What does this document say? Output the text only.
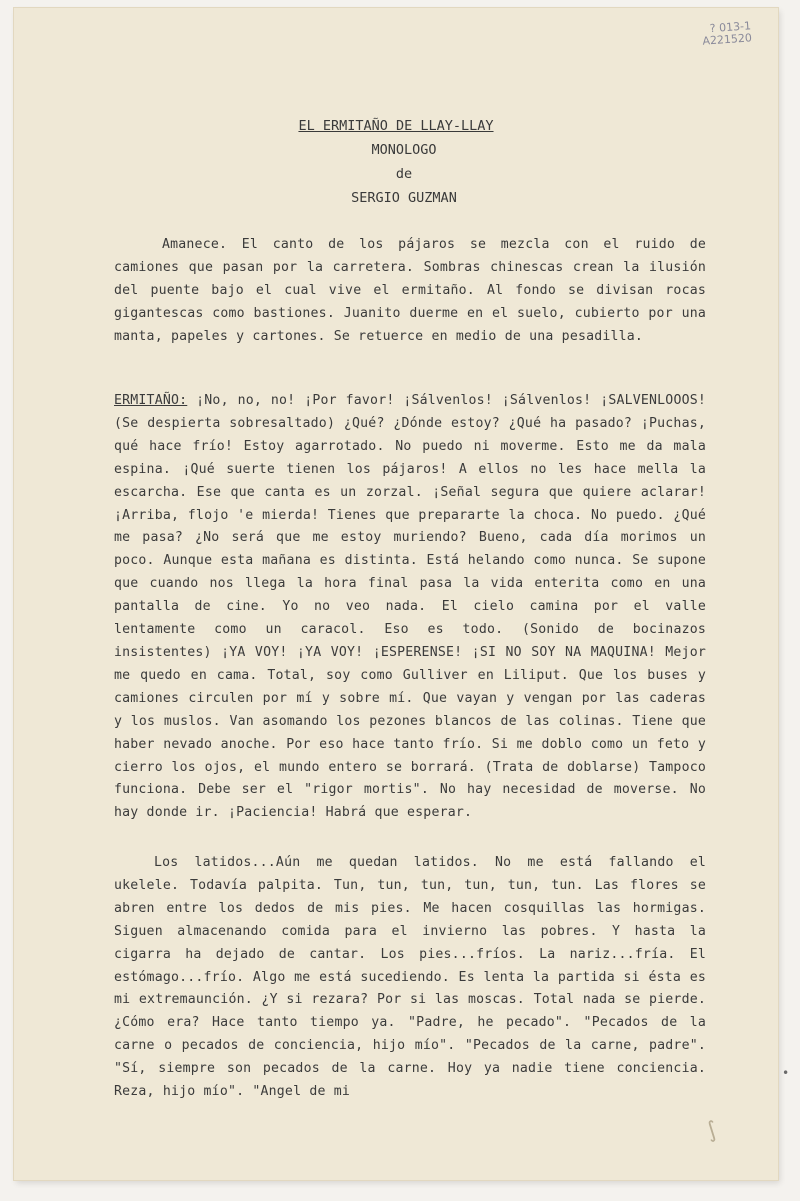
? 013-1
A221520
EL ERMITAÑO DE LLAY-LLAY
MONOLOGO
de
SERGIO GUZMAN
Amanece. El canto de los pájaros se mezcla con el ruido de camiones que pasan por la carretera. Sombras chinescas crean la ilusión del puente bajo el cual vive el ermitaño. Al fondo se divisan rocas gigantescas como bastiones. Juanito duerme en el suelo, cubierto por una manta, papeles y cartones. Se retuerce en medio de una pesadilla.
ERMITAÑO: ¡No, no, no! ¡Por favor! ¡Sálvenlos! ¡Sálvenlos! ¡SALVENLOOOS! (Se despierta sobresaltado) ¿Qué? ¿Dónde estoy? ¿Qué ha pasado? ¡Puchas, qué hace frío! Estoy agarrotado. No puedo ni moverme. Esto me da mala espina. ¡Qué suerte tienen los pájaros! A ellos no les hace mella la escarcha. Ese que canta es un zorzal. ¡Señal segura que quiere aclarar! ¡Arriba, flojo 'e mierda! Tienes que prepararte la choca. No puedo. ¿Qué me pasa? ¿No será que me estoy muriendo? Bueno, cada día morimos un poco. Aunque esta mañana es distinta. Está helando como nunca. Se supone que cuando nos llega la hora final pasa la vida enterita como en una pantalla de cine. Yo no veo nada. El cielo camina por el valle lentamente como un caracol. Eso es todo. (Sonido de bocinazos insistentes) ¡YA VOY! ¡YA VOY! ¡ESPERENSE! ¡SI NO SOY NA MAQUINA! Mejor me quedo en cama. Total, soy como Gulliver en Liliput. Que los buses y camiones circulen por mí y sobre mí. Que vayan y vengan por las caderas y los muslos. Van asomando los pezones blancos de las colinas. Tiene que haber nevado anoche. Por eso hace tanto frío. Si me doblo como un feto y cierro los ojos, el mundo entero se borrará. (Trata de doblarse) Tampoco funciona. Debe ser el "rigor mortis". No hay necesidad de moverse. No hay donde ir. ¡Paciencia! Habrá que esperar.
Los latidos...Aún me quedan latidos. No me está fallando el ukelele. Todavía palpita. Tun, tun, tun, tun, tun, tun. Las flores se abren entre los dedos de mis pies. Me hacen cosquillas las hormigas. Siguen almacenando comida para el invierno las pobres. Y hasta la cigarra ha dejado de cantar. Los pies...fríos. La nariz...fría. El estómago...frío. Algo me está sucediendo. Es lenta la partida si ésta es mi extremaunción. ¿Y si rezara? Por si las moscas. Total nada se pierde. ¿Cómo era? Hace tanto tiempo ya. "Padre, he pecado". "Pecados de la carne o pecados de conciencia, hijo mío". "Pecados de la carne, padre". "Sí, siempre son pecados de la carne. Hoy ya nadie tiene conciencia. Reza, hijo mío". "Angel de mi
∫
•
